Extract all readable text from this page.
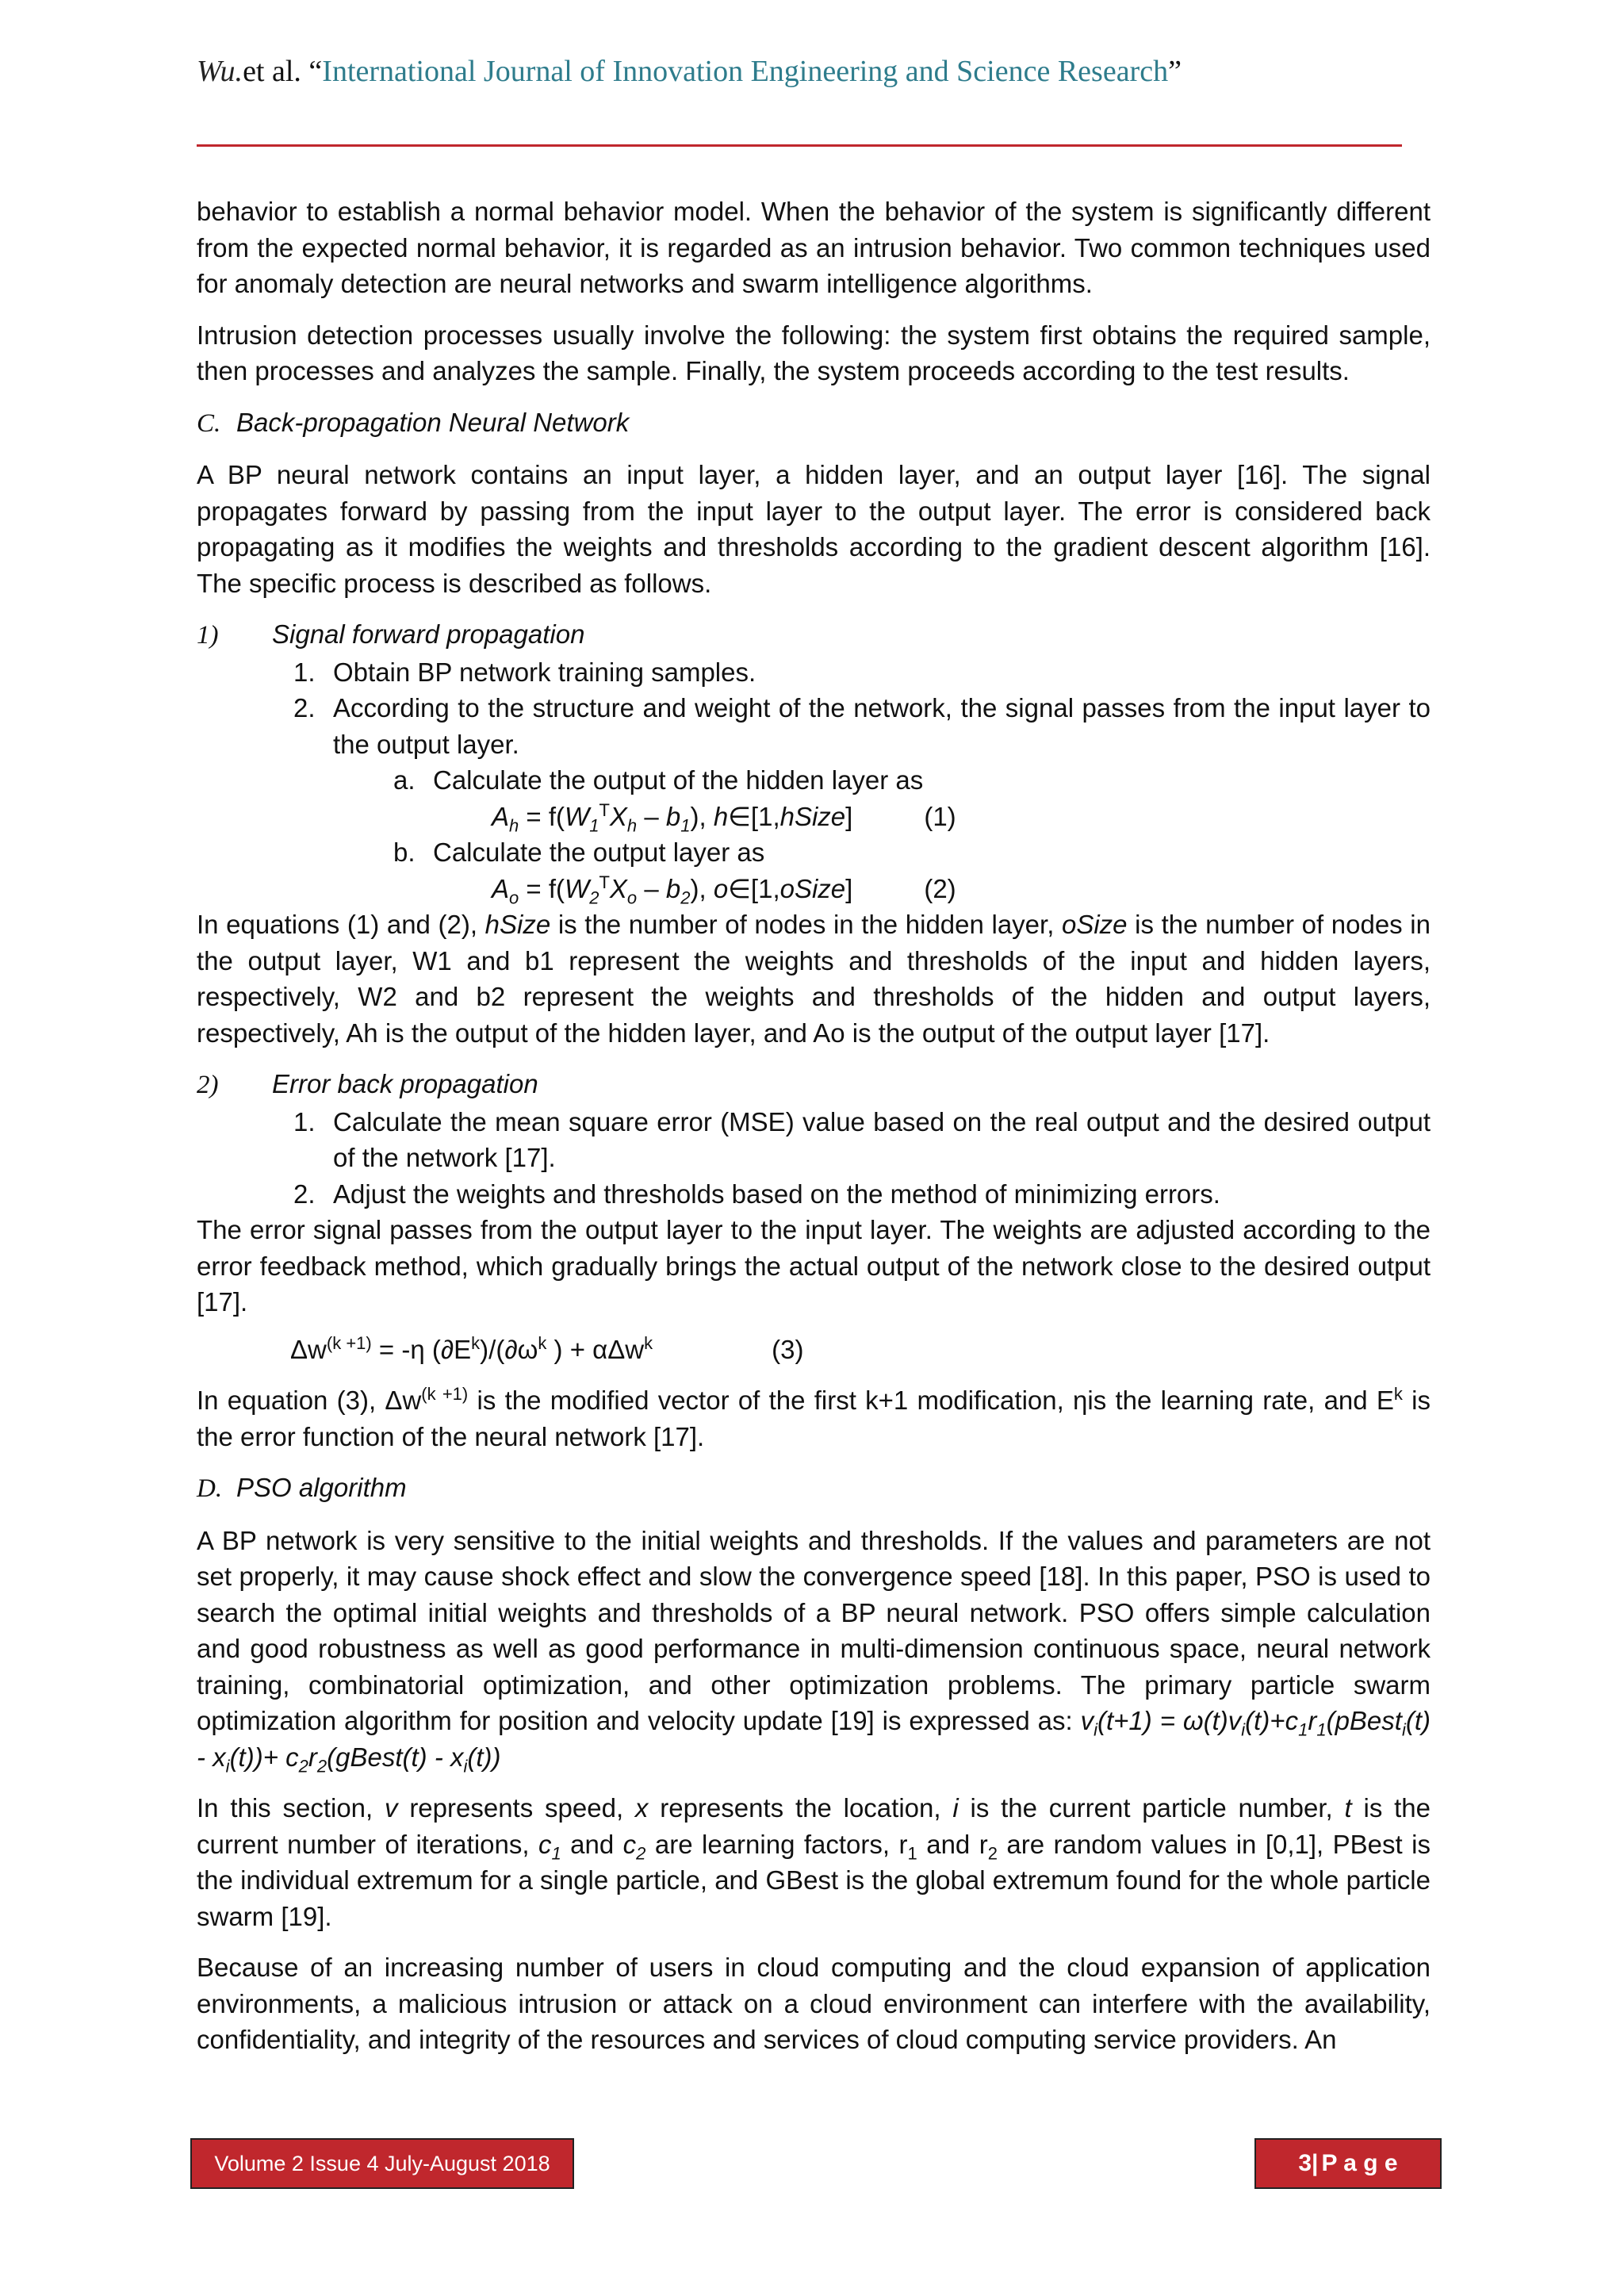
Wu.et al. “International Journal of Innovation Engineering and Science Research”

behavior to establish a normal behavior model. When the behavior of the system is significantly different from the expected normal behavior, it is regarded as an intrusion behavior. Two common techniques used for anomaly detection are neural networks and swarm intelligence algorithms.

Intrusion detection processes usually involve the following: the system first obtains the required sample, then processes and analyzes the sample. Finally, the system proceeds according to the test results.

C. Back-propagation Neural Network

A BP neural network contains an input layer, a hidden layer, and an output layer [16]. The signal propagates forward by passing from the input layer to the output layer. The error is considered back propagating as it modifies the weights and thresholds according to the gradient descent algorithm [16]. The specific process is described as follows.

1) Signal forward propagation

1. Obtain BP network training samples.

2. According to the structure and weight of the network, the signal passes from the input layer to the output layer.

a. Calculate the output of the hidden layer as

$A_h = f(W_1^TX_h - b_1)$, h∈[1,hSize]	(1)

b. Calculate the output layer as

$A_o = f(W_2^TX_o - b_2)$, o∈[1,oSize]	(2)

In equations (1) and (2), hSize is the number of nodes in the hidden layer, oSize is the number of nodes in the output layer, W1 and b1 represent the weights and thresholds of the input and hidden layers, respectively, W2 and b2 represent the weights and thresholds of the hidden and output layers, respectively, Ah is the output of the hidden layer, and Ao is the output of the output layer [17].

2) Error back propagation

1. Calculate the mean square error (MSE) value based on the real output and the desired output of the network [17].

2. Adjust the weights and thresholds based on the method of minimizing errors.

The error signal passes from the output layer to the input layer. The weights are adjusted according to the error feedback method, which gradually brings the actual output of the network close to the desired output [17].

$\Delta w^{(k +1)} = -\eta$ $(\partial E^k)/(\partial\omega^k$ ) + αΔw$^k$	(3)

In equation (3), $\Delta w^{(k +1)}$ is the modified vector of the first k+1 modification, ηis the learning rate, and $E^k$ is the error function of the neural network [17].

D. PSO algorithm

A BP network is very sensitive to the initial weights and thresholds. If the values and parameters are not set properly, it may cause shock effect and slow the convergence speed [18]. In this paper, PSO is used to search the optimal initial weights and thresholds of a BP neural network. PSO offers simple calculation and good robustness as well as good performance in multi-dimension continuous space, neural network training, combinatorial optimization, and other optimization problems. The primary particle swarm optimization algorithm for position and velocity update [19] is expressed as: $v_i(t+1)$ = $\omega(t)v_i(t)+c_1r_1(pBest_i(t) - x_i(t))+$ $c_2r_2(gBest(t) - x_i(t))$

In this section, v represents speed, x represents the location, i is the current particle number, t is the current number of iterations, $c_1$ and $c_2$ are learning factors, $r_1$ and $r_2$ are random values in [0,1], PBest is the individual extremum for a single particle, and GBest is the global extremum found for the whole particle swarm [19].

Because of an increasing number of users in cloud computing and the cloud expansion of application environments, a malicious intrusion or attack on a cloud environment can interfere with the availability, confidentiality, and integrity of the resources and services of cloud computing service providers. An

Volume 2 Issue 4 July-August 2018	3|P a g e
